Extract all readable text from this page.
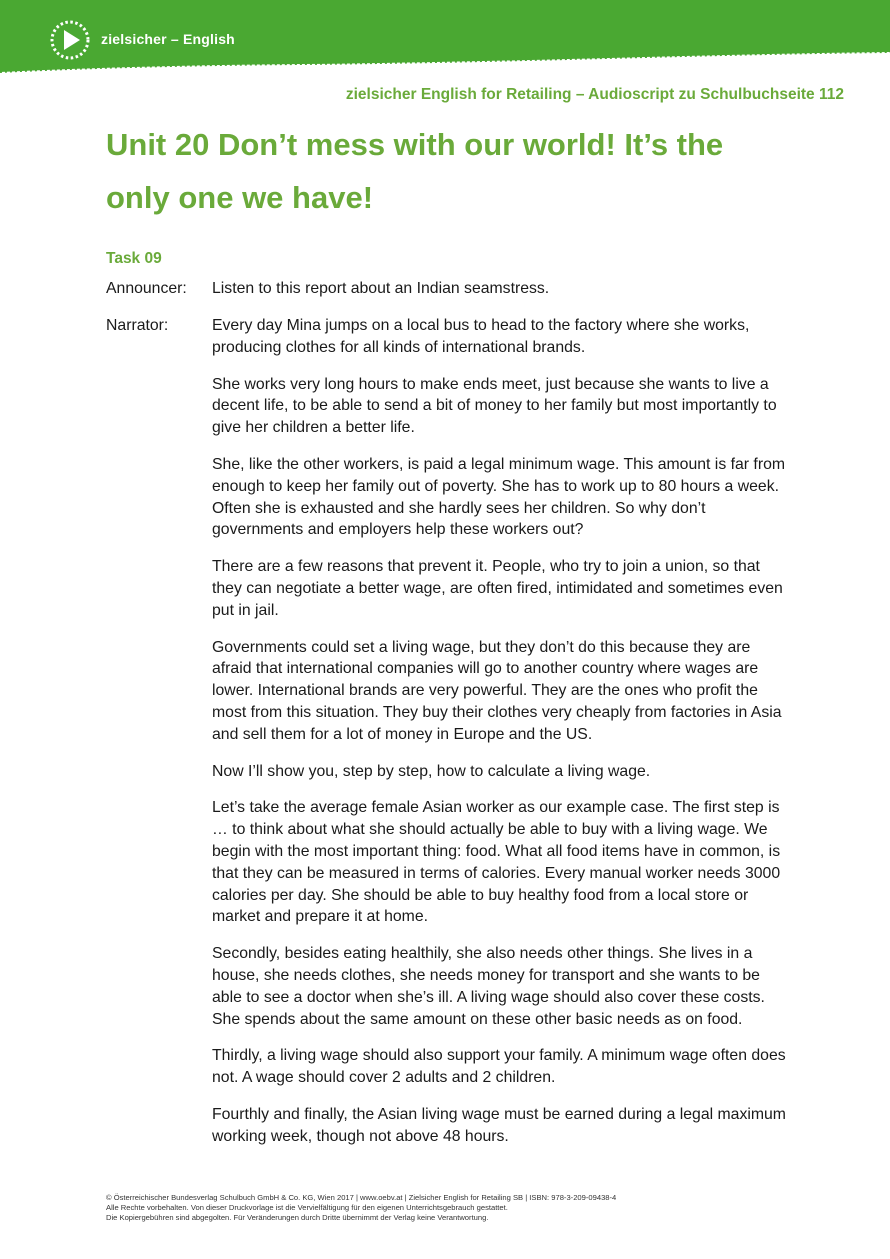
zielsicher – English
zielsicher English for Retailing – Audioscript zu Schulbuchseite 112
Unit 20 Don’t mess with our world! It’s the
only one we have!
Task 09
Announcer:	Listen to this report about an Indian seamstress.
Narrator:	Every day Mina jumps on a local bus to head to the factory where she works, producing clothes for all kinds of international brands.

She works very long hours to make ends meet, just because she wants to live a decent life, to be able to send a bit of money to her family but most importantly to give her children a better life.

She, like the other workers, is paid a legal minimum wage. This amount is far from enough to keep her family out of poverty. She has to work up to 80 hours a week. Often she is exhausted and she hardly sees her children. So why don’t governments and employers help these workers out?

There are a few reasons that prevent it. People, who try to join a union, so that they can negotiate a better wage, are often fired, intimidated and sometimes even put in jail.

Governments could set a living wage, but they don’t do this because they are afraid that international companies will go to another country where wages are lower. International brands are very powerful. They are the ones who profit the most from this situation. They buy their clothes very cheaply from factories in Asia and sell them for a lot of money in Europe and the US.

Now I’ll show you, step by step, how to calculate a living wage.

Let’s take the average female Asian worker as our example case. The first step is … to think about what she should actually be able to buy with a living wage. We begin with the most important thing: food. What all food items have in common, is that they can be measured in terms of calories. Every manual worker needs 3000 calories per day. She should be able to buy healthy food from a local store or market and prepare it at home.

Secondly, besides eating healthily, she also needs other things. She lives in a house, she needs clothes, she needs money for transport and she wants to be able to see a doctor when she’s ill. A living wage should also cover these costs. She spends about the same amount on these other basic needs as on food.

Thirdly, a living wage should also support your family. A minimum wage often does not. A wage should cover 2 adults and 2 children.

Fourthly and finally, the Asian living wage must be earned during a legal maximum working week, though not above 48 hours.

© Österreichischer Bundesverlag Schulbuch GmbH & Co. KG, Wien 2017 | www.oebv.at | Zielsicher English for Retailing SB | ISBN: 978-3-209-09438-4
Alle Rechte vorbehalten. Von dieser Druckvorlage ist die Vervielfältigung für den eigenen Unterrichtsgebrauch gestattet.
Die Kopiergebühren sind abgegolten. Für Veränderungen durch Dritte übernimmt der Verlag keine Verantwortung.
